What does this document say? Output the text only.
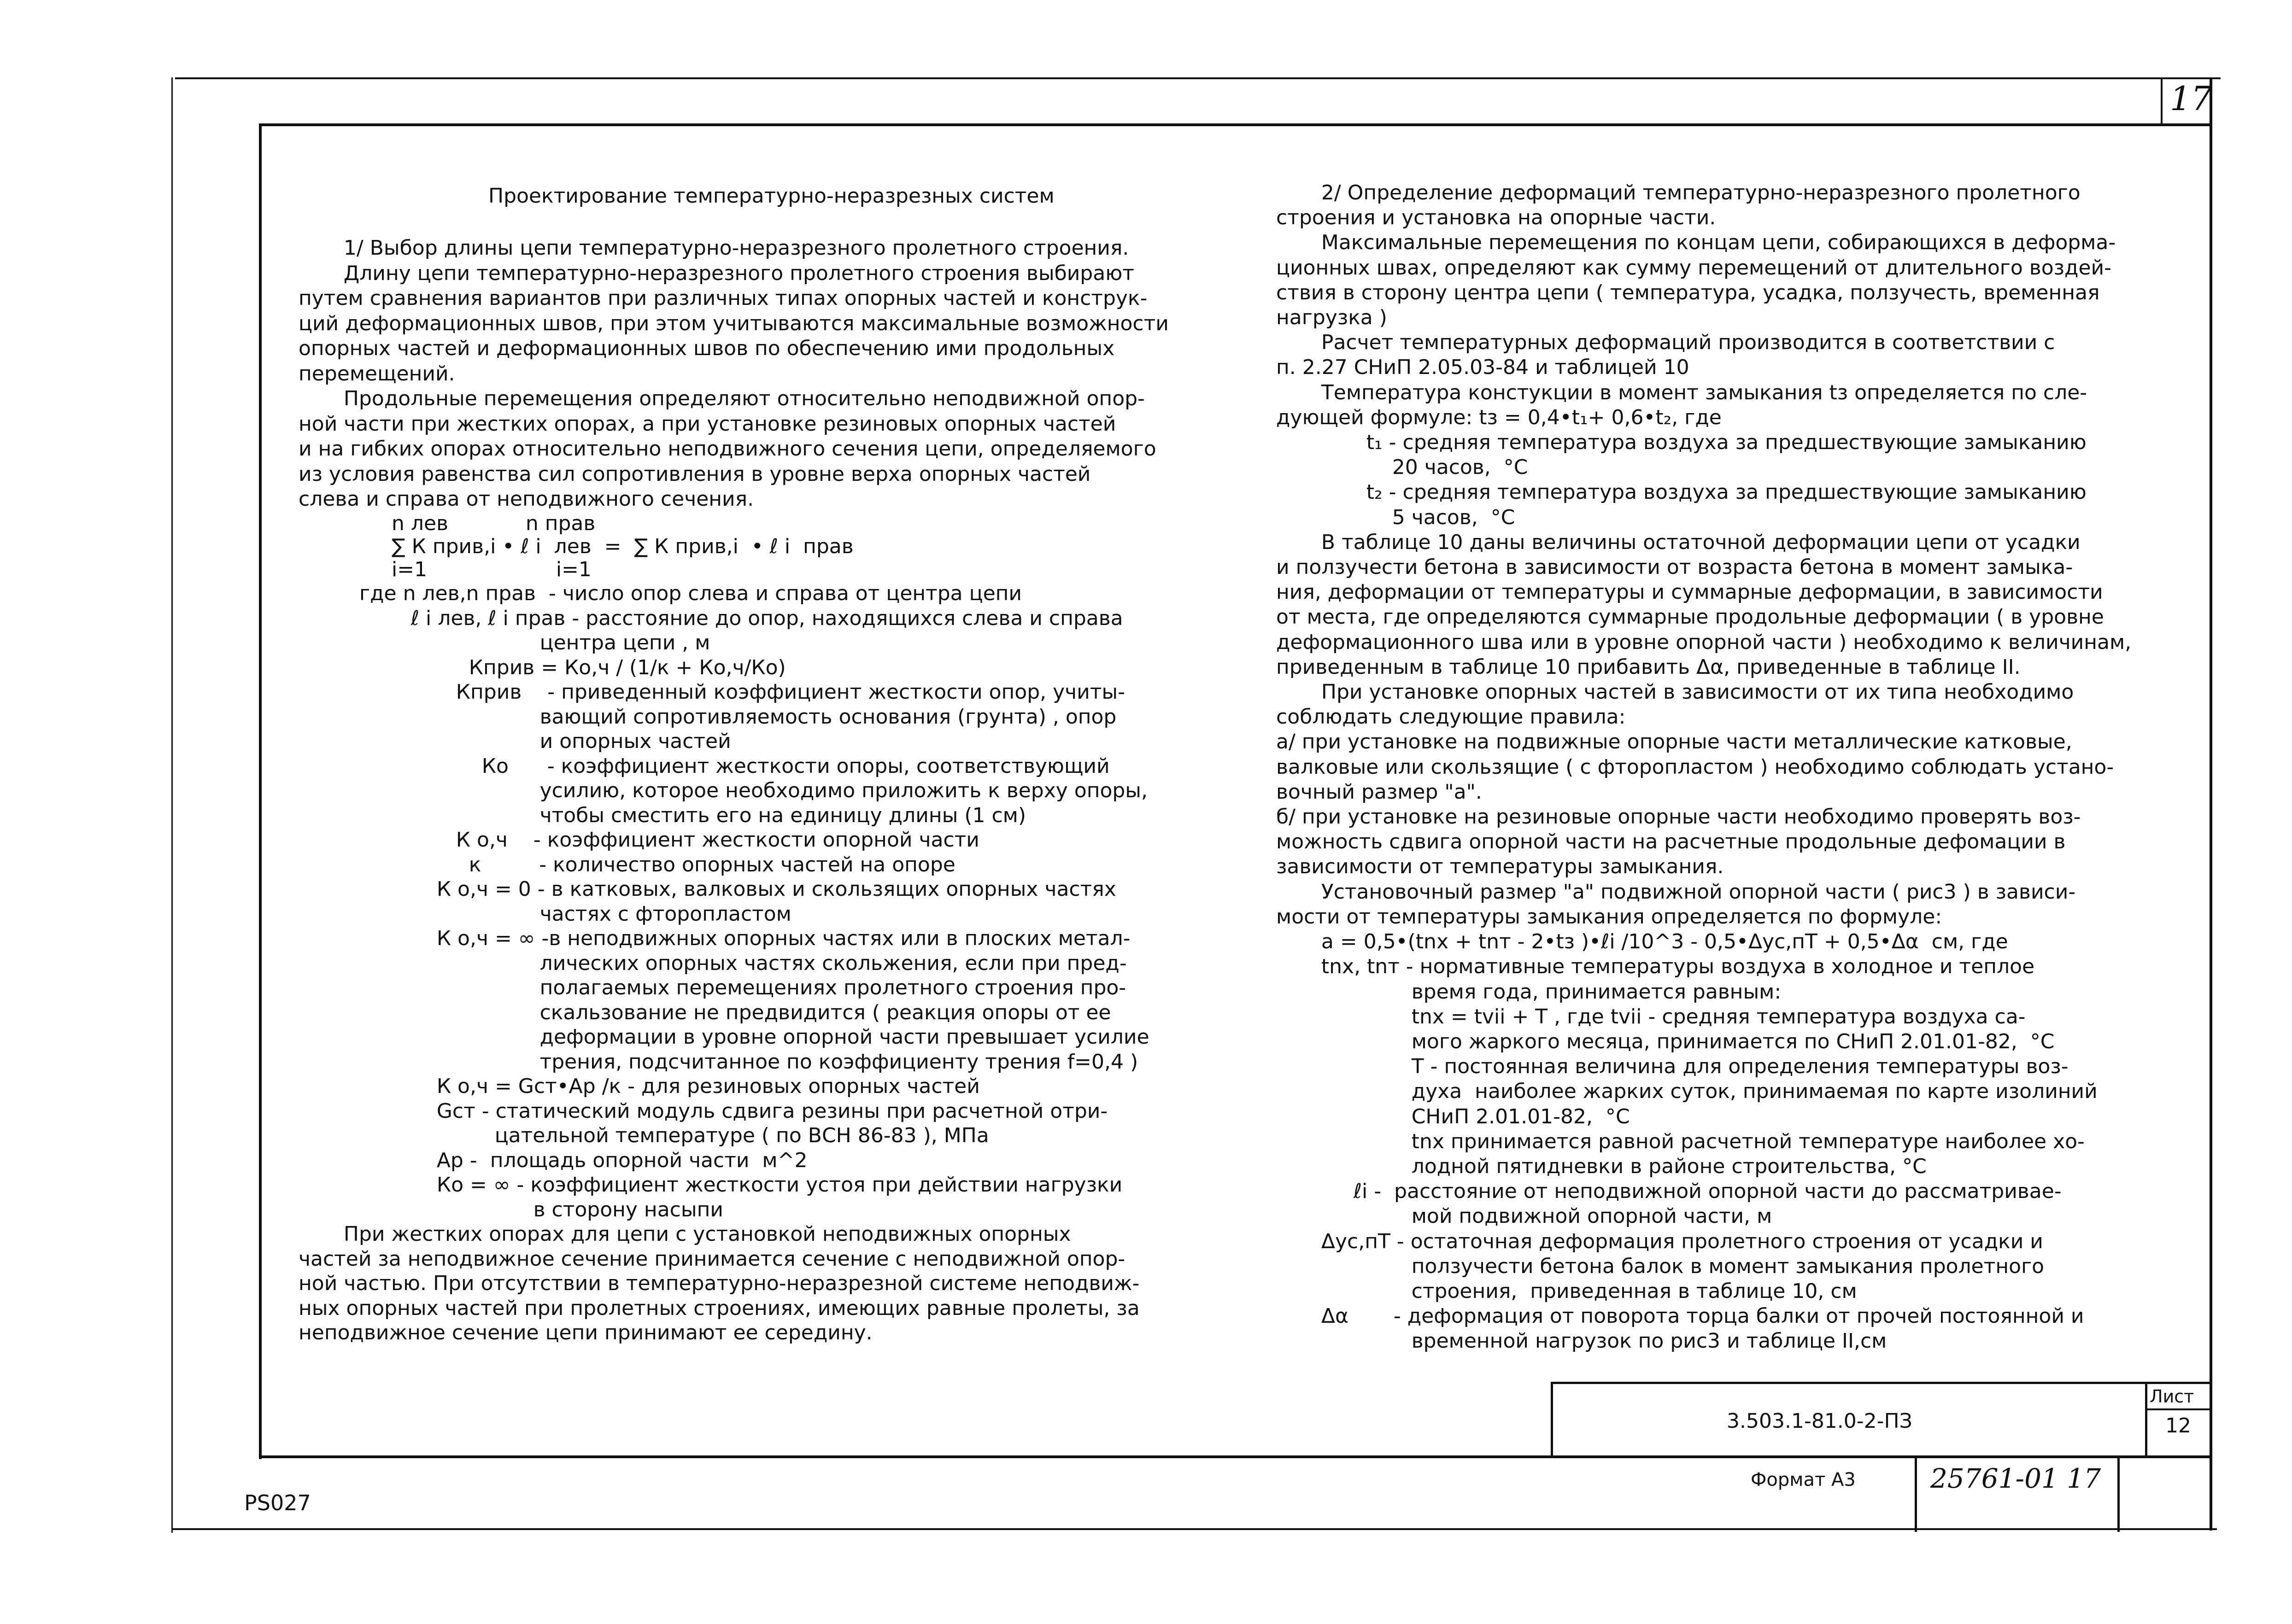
17
Проектирование температурно-неразрезных систем
1/ Выбор длины цепи температурно-неразрезного пролетного строения.
Длину цепи температурно-неразрезного пролетного строения выбирают
путем сравнения вариантов при различных типах опорных частей и конструк-
ций деформационных швов, при этом учитываются максимальные возможности
опорных частей и деформационных швов по обеспечению ими продольных
перемещений.
Продольные перемещения определяют относительно неподвижной опор-
ной части при жестких опорах, а при установке резиновых опорных частей
и на гибких опорах относительно неподвижного сечения цепи, определяемого
из условия равенства сил сопротивления в уровне верха опорных частей
слева и справа от неподвижного сечения.
n лев            n прав
∑ К прив,i • ℓ i  лев  =  ∑ К прив,i  • ℓ i  прав
i=1                    i=1
где n лев,n прав  - число опор слева и справа от центра цепи
ℓ i лев, ℓ i прав - расстояние до опор, находящихся слева и справа
центра цепи , м
Кприв = Ко,ч / (1/к + Ко,ч/Ко)
Кприв    - приведенный коэффициент жесткости опор, учиты-
вающий сопротивляемость основания (грунта) , опор
и опорных частей
Ко      - коэффициент жесткости опоры, соответствующий
усилию, которое необходимо приложить к верху опоры,
чтобы сместить его на единицу длины (1 см)
К о,ч    - коэффициент жесткости опорной части
к         - количество опорных частей на опоре
К о,ч = 0 - в катковых, валковых и скользящих опорных частях
частях с фторопластом
К о,ч = ∞ -в неподвижных опорных частях или в плоских метал-
лических опорных частях скольжения, если при пред-
полагаемых перемещениях пролетного строения про-
скальзование не предвидится ( реакция опоры от ее
деформации в уровне опорной части превышает усилие
трения, подсчитанное по коэффициенту трения f=0,4 )
К о,ч = Gст•Ар /к - для резиновых опорных частей
Gст - статический модуль сдвига резины при расчетной отри-
цательной температуре ( по ВСН 86-83 ), МПа
Ар -  площадь опорной части  м^2
Ко = ∞ - коэффициент жесткости устоя при действии нагрузки
в сторону насыпи
При жестких опорах для цепи с установкой неподвижных опорных
частей за неподвижное сечение принимается сечение с неподвижной опор-
ной частью. При отсутствии в температурно-неразрезной системе неподвиж-
ных опорных частей при пролетных строениях, имеющих равные пролеты, за
неподвижное сечение цепи принимают ее середину.
2/ Определение деформаций температурно-неразрезного пролетного
строения и установка на опорные части.
Максимальные перемещения по концам цепи, собирающихся в деформа-
ционных швах, определяют как сумму перемещений от длительного воздей-
ствия в сторону центра цепи ( температура, усадка, ползучесть, временная
нагрузка )
Расчет температурных деформаций производится в соответствии с
п. 2.27 СНиП 2.05.03-84 и таблицей 10
Температура констукции в момент замыкания tз определяется по сле-
дующей формуле: tз = 0,4•t₁+ 0,6•t₂, где
t₁ - средняя температура воздуха за предшествующие замыканию
20 часов,  °C
t₂ - средняя температура воздуха за предшествующие замыканию
5 часов,  °C
В таблице 10 даны величины остаточной деформации цепи от усадки
и ползучести бетона в зависимости от возраста бетона в момент замыка-
ния, деформации от температуры и суммарные деформации, в зависимости
от места, где определяются суммарные продольные деформации ( в уровне
деформационного шва или в уровне опорной части ) необходимо к величинам,
приведенным в таблице 10 прибавить Δα, приведенные в таблице II.
При установке опорных частей в зависимости от их типа необходимо
соблюдать следующие правила:
а/ при установке на подвижные опорные части металлические катковые,
валковые или скользящие ( с фторопластом ) необходимо соблюдать устано-
вочный размер "а".
б/ при установке на резиновые опорные части необходимо проверять воз-
можность сдвига опорной части на расчетные продольные дефомации в
зависимости от температуры замыкания.
Установочный размер "а" подвижной опорной части ( рис3 ) в зависи-
мости от температуры замыкания определяется по формуле:
а = 0,5•(tnx + tnт - 2•tз )•ℓi /10^3 - 0,5•Δус,пТ + 0,5•Δα  см, где
tnx, tnт - нормативные температуры воздуха в холодное и теплое
время года, принимается равным:
tnx = tvii + Т , где tvii - средняя температура воздуха са-
мого жаркого месяца, принимается по СНиП 2.01.01-82,  °C
Т - постоянная величина для определения температуры воз-
духа  наиболее жарких суток, принимаемая по карте изолиний
СНиП 2.01.01-82,  °C
tnx принимается равной расчетной температуре наиболее хо-
лодной пятидневки в районе строительства, °C
ℓi -  расстояние от неподвижной опорной части до рассматривае-
мой подвижной опорной части, м
Δус,пТ - остаточная деформация пролетного строения от усадки и
ползучести бетона балок в момент замыкания пролетного
строения,  приведенная в таблице 10, см
Δα       - деформация от поворота торца балки от прочей постоянной и
временной нагрузок по рис3 и таблице II,см
3.503.1-81.0-2-ПЗ
Лист
12
Формат А3	25761-01 17
PS027
